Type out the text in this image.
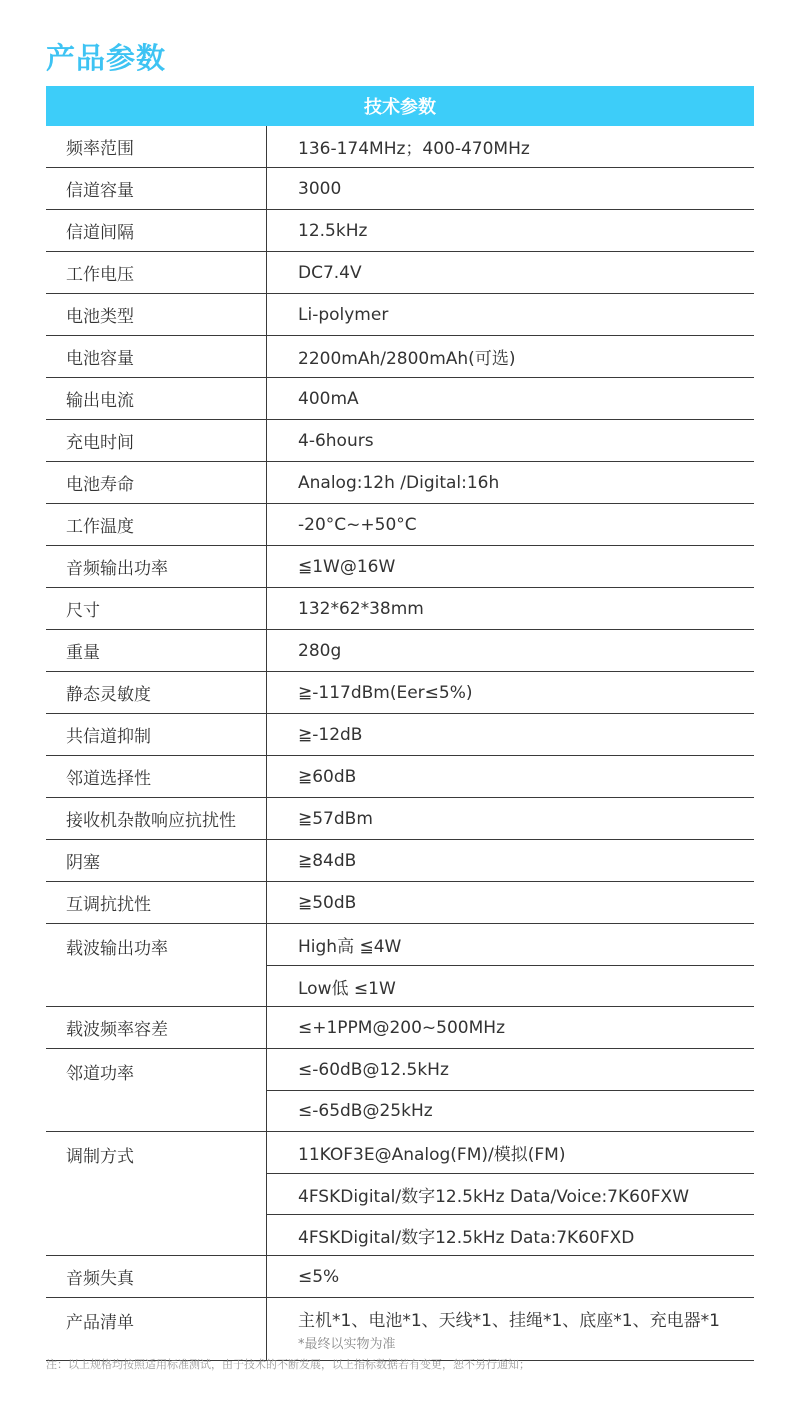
产品参数
技术参数
频率范围	136-174MHz；400-470MHz
信道容量	3000
信道间隔	12.5kHz
工作电压	DC7.4V
电池类型	Li-polymer
电池容量	2200mAh/2800mAh(可选)
输出电流	400mA
充电时间	4-6hours
电池寿命	Analog:12h /Digital:16h
工作温度	-20°C~+50°C
音频输出功率	≦1W@16W
尺寸	132*62*38mm
重量	280g
静态灵敏度	≧-117dBm(Eer≤5%)
共信道抑制	≧-12dB
邻道选择性	≧60dB
接收机杂散响应抗扰性	≧57dBm
阴塞	≧84dB
互调抗扰性	≧50dB
载波输出功率	High高 ≦4W
Low低 ≤1W
载波频率容差	≤+1PPM@200~500MHz
邻道功率	≤-60dB@12.5kHz
≤-65dB@25kHz
调制方式	11KOF3E@Analog(FM)/模拟(FM)
4FSKDigital/数字12.5kHz Data/Voice:7K60FXW
4FSKDigital/数字12.5kHz Data:7K60FXD
音频失真	≤5%
产品清单	主机*1、电池*1、天线*1、挂绳*1、底座*1、充电器*1
*最终以实物为准
注：以上规格均按照适用标准测试，由于技术的不断发展，以上指标数据若有变更，恕不另行通知；
